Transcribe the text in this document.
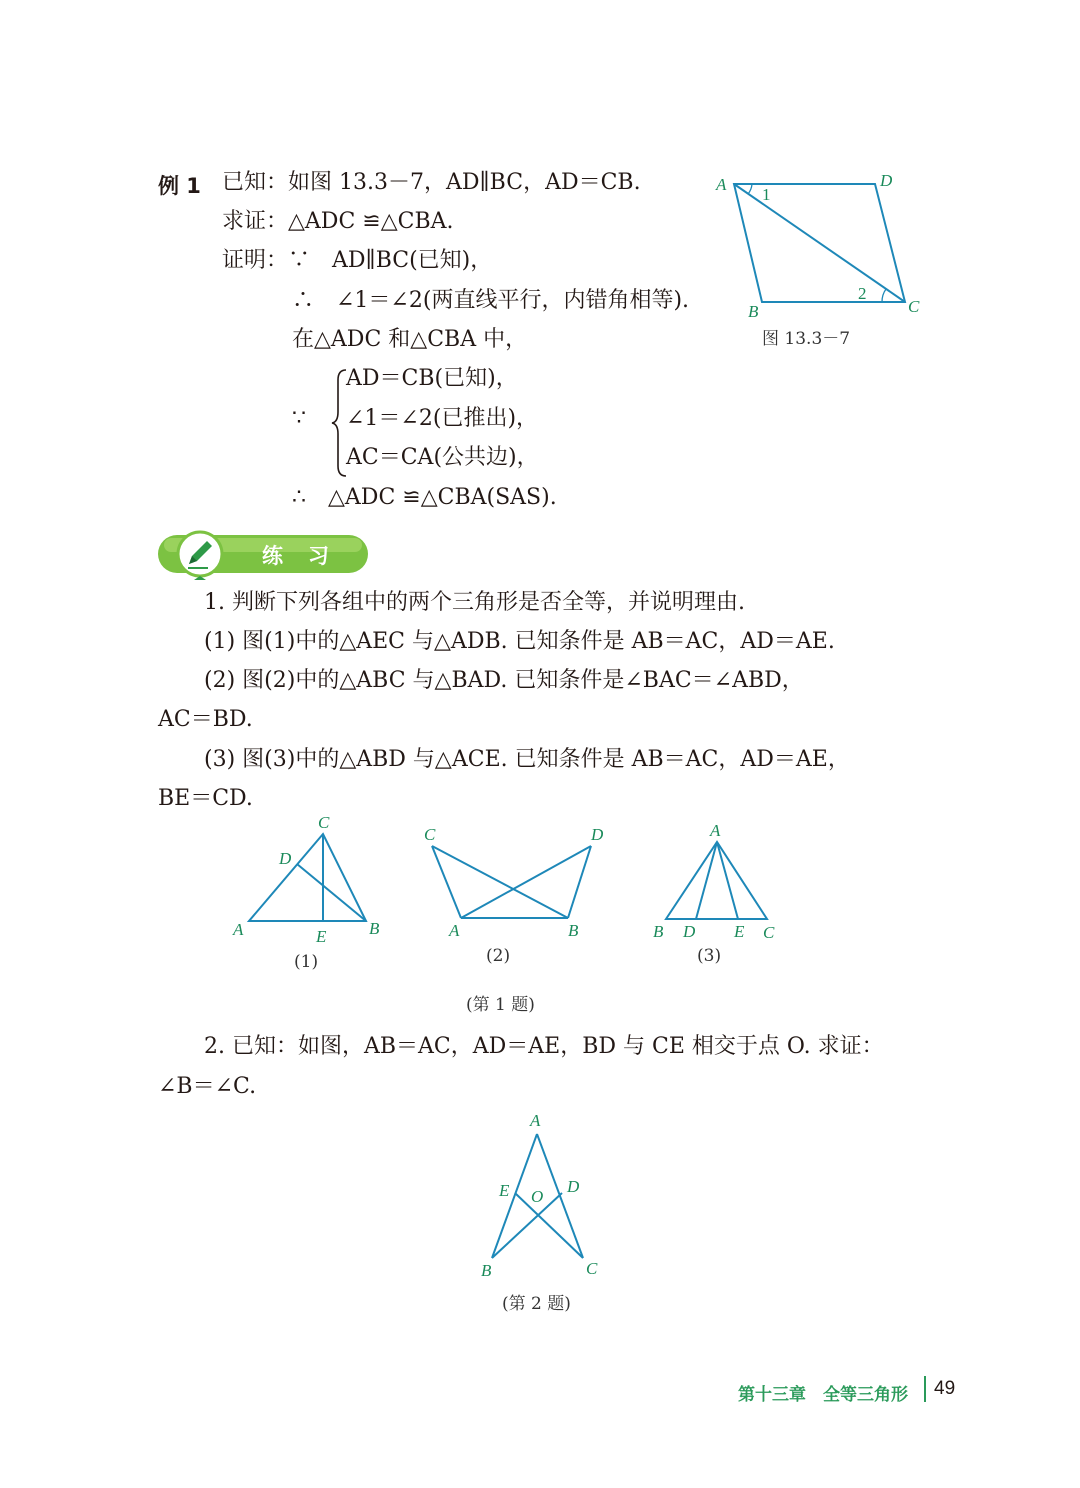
例 1 已知：如图 13.3－7，AD∥BC，AD＝CB.
求证：△ADC ≌△CBA.
证明：∵　AD∥BC(已知)，
∴　∠1＝∠2(两直线平行，内错角相等).
在△ADC 和△CBA 中，
∵
AD＝CB(已知)，
∠1＝∠2(已推出)，
AC＝CA(公共边)，
∴　△ADC ≌△CBA(SAS).
A	D
B	C
1
2
图 13.3－7
练　习
1. 判断下列各组中的两个三角形是否全等，并说明理由.
(1) 图(1)中的△AEC 与△ADB. 已知条件是 AB＝AC，AD＝AE.
(2) 图(2)中的△ABC 与△BAD. 已知条件是∠BAC＝∠ABD，
AC＝BD.
(3) 图(3)中的△ABD 与△ACE. 已知条件是 AB＝AC，AD＝AE，
BE＝CD.
C
D
A	E	B
(1)
C	D
A	B
(2)
A
B D E C
(3)
(第 1 题)
2. 已知：如图，AB＝AC，AD＝AE，BD 与 CE 相交于点 O. 求证：
∠B＝∠C.
A
E O
D
B	C
(第 2 题)
第十三章　全等三角形 49
